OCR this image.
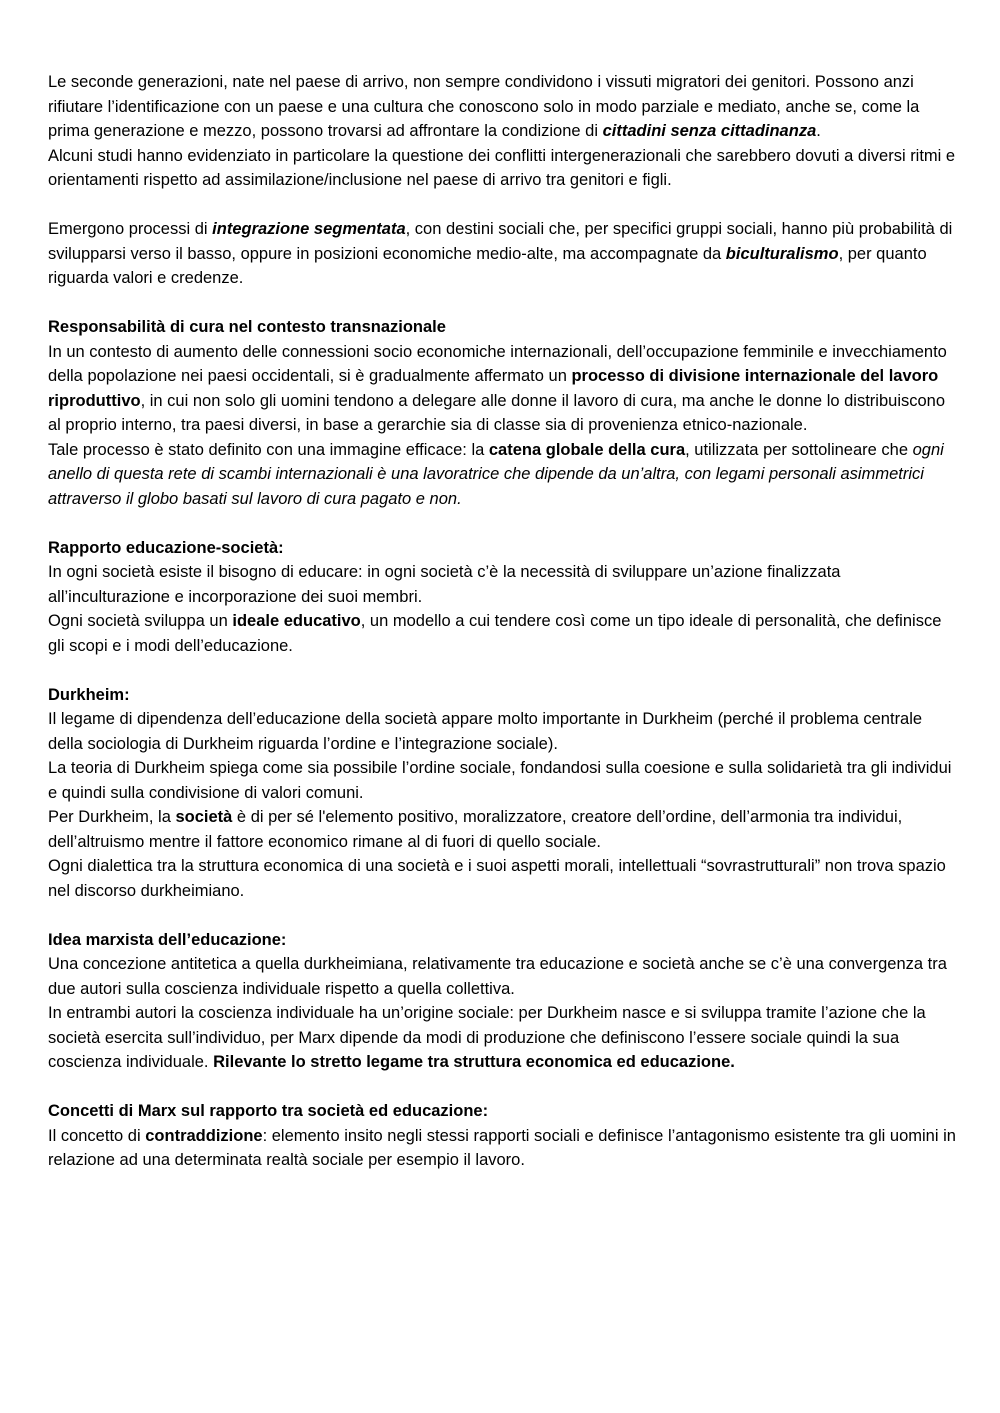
Le seconde generazioni, nate nel paese di arrivo, non sempre condividono i vissuti migratori dei genitori. Possono anzi rifiutare l’identificazione con un paese e una cultura che conoscono solo in modo parziale e mediato, anche se, come la prima generazione e mezzo, possono trovarsi ad affrontare la condizione di cittadini senza cittadinanza.

Alcuni studi hanno evidenziato in particolare la questione dei conflitti intergenerazionali che sarebbero dovuti a diversi ritmi e orientamenti rispetto ad assimilazione/inclusione nel paese di arrivo tra genitori e figli.

Emergono processi di integrazione segmentata, con destini sociali che, per specifici gruppi sociali, hanno più probabilità di svilupparsi verso il basso, oppure in posizioni economiche medio-alte, ma accompagnate da biculturalismo, per quanto riguarda valori e credenze.

Responsabilità di cura nel contesto transnazionale

In un contesto di aumento delle connessioni socio economiche internazionali, dell’occupazione femminile e invecchiamento della popolazione nei paesi occidentali, si è gradualmente affermato un processo di divisione internazionale del lavoro riproduttivo, in cui non solo gli uomini tendono a delegare alle donne il lavoro di cura, ma anche le donne lo distribuiscono al proprio interno, tra paesi diversi, in base a gerarchie sia di classe sia di provenienza etnico-nazionale.

Tale processo è stato definito con una immagine efficace: la catena globale della cura, utilizzata per sottolineare che ogni anello di questa rete di scambi internazionali è una lavoratrice che dipende da un’altra, con legami personali asimmetrici attraverso il globo basati sul lavoro di cura pagato e non.

Rapporto educazione-società:

In ogni società esiste il bisogno di educare: in ogni società c’è la necessità di sviluppare un’azione finalizzata all’inculturazione e incorporazione dei suoi membri.

Ogni società sviluppa un ideale educativo, un modello a cui tendere così come un tipo ideale di personalità, che definisce gli scopi e i modi dell’educazione.

Durkheim:

Il legame di dipendenza dell’educazione della società appare molto importante in Durkheim (perché il problema centrale della sociologia di Durkheim riguarda l’ordine e l’integrazione sociale).

La teoria di Durkheim spiega come sia possibile l’ordine sociale, fondandosi sulla coesione e sulla solidarietà tra gli individui e quindi sulla condivisione di valori comuni.

Per Durkheim, la società è di per sé l'elemento positivo, moralizzatore, creatore dell’ordine, dell’armonia tra individui, dell’altruismo mentre il fattore economico rimane al di fuori di quello sociale.

Ogni dialettica tra la struttura economica di una società e i suoi aspetti morali, intellettuali “sovrastrutturali” non trova spazio nel discorso durkheimiano.

Idea marxista dell’educazione:

Una concezione antitetica a quella durkheimiana, relativamente tra educazione e società anche se c’è una convergenza tra due autori sulla coscienza individuale rispetto a quella collettiva.

In entrambi autori la coscienza individuale ha un’origine sociale: per Durkheim nasce e si sviluppa tramite l’azione che la società esercita sull’individuo, per Marx dipende da modi di produzione che definiscono l’essere sociale quindi la sua coscienza individuale. Rilevante lo stretto legame tra struttura economica ed educazione.

Concetti di Marx sul rapporto tra società ed educazione:

Il concetto di contraddizione: elemento insito negli stessi rapporti sociali e definisce l’antagonismo esistente tra gli uomini in relazione ad una determinata realtà sociale per esempio il lavoro.
